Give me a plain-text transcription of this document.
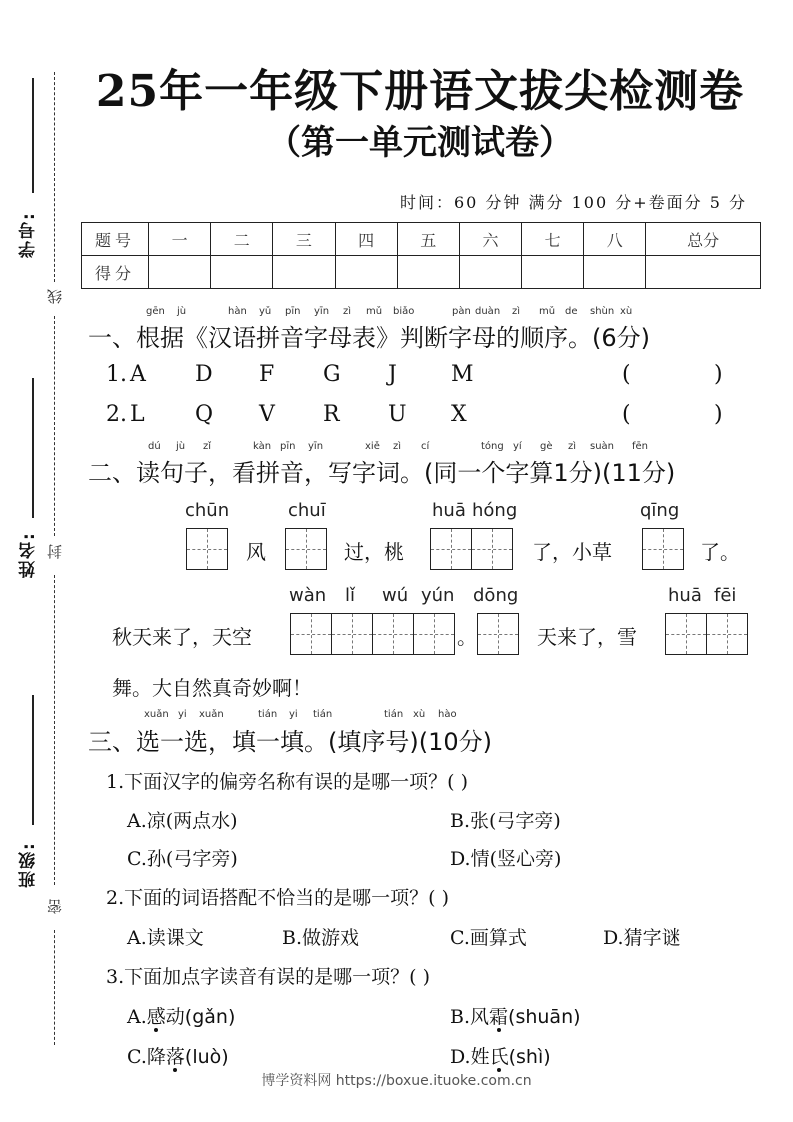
学号:
姓名:
班级:
线
封
密
25年一年级下册语文拔尖检测卷
（第一单元测试卷）
时间：60 分钟 满分 100 分+卷面分 5 分
题号	一	二	三	四	五	六	七	八	总分
得分									
gēn jù	hàn yǔ pīn yīn zì mǔ biǎo	pàn duàn zì mǔ de shùn xù
一、根据《汉语拼音字母表》判断字母的顺序。(6分)
1. A D F G J M	(	)
2. L Q V R U X	(	)
dú jù zǐ	kàn pīn yīn	xiě zì cí	tóng yí gè zì suàn fēn
二、读句子，看拼音，写字词。(同一个字算1分)(11分)
chūn	chuī	huā hóng	qīng
风	过，桃	了，小草	了。
wàn lǐ wú yún dōng	huā fēi
秋天来了，天空	。	天来了，雪
舞。大自然真奇妙啊！
xuǎn yi xuǎn	tián yi tián	tián xù hào
三、选一选，填一填。(填序号)(10分)
1.下面汉字的偏旁名称有误的是哪一项？( )
A.凉(两点水)	B.张(弓字旁)
C.孙(弓字旁)	D.情(竖心旁)
2.下面的词语搭配不恰当的是哪一项？( )
A.读课文	B.做游戏	C.画算式	D.猜字谜
3.下面加点字读音有误的是哪一项？( )
A.感动(gǎn)	B.风霜(shuān)
C.降落(luò)	D.姓氏(shì)
博学资料网 https://boxue.ituoke.com.cn
